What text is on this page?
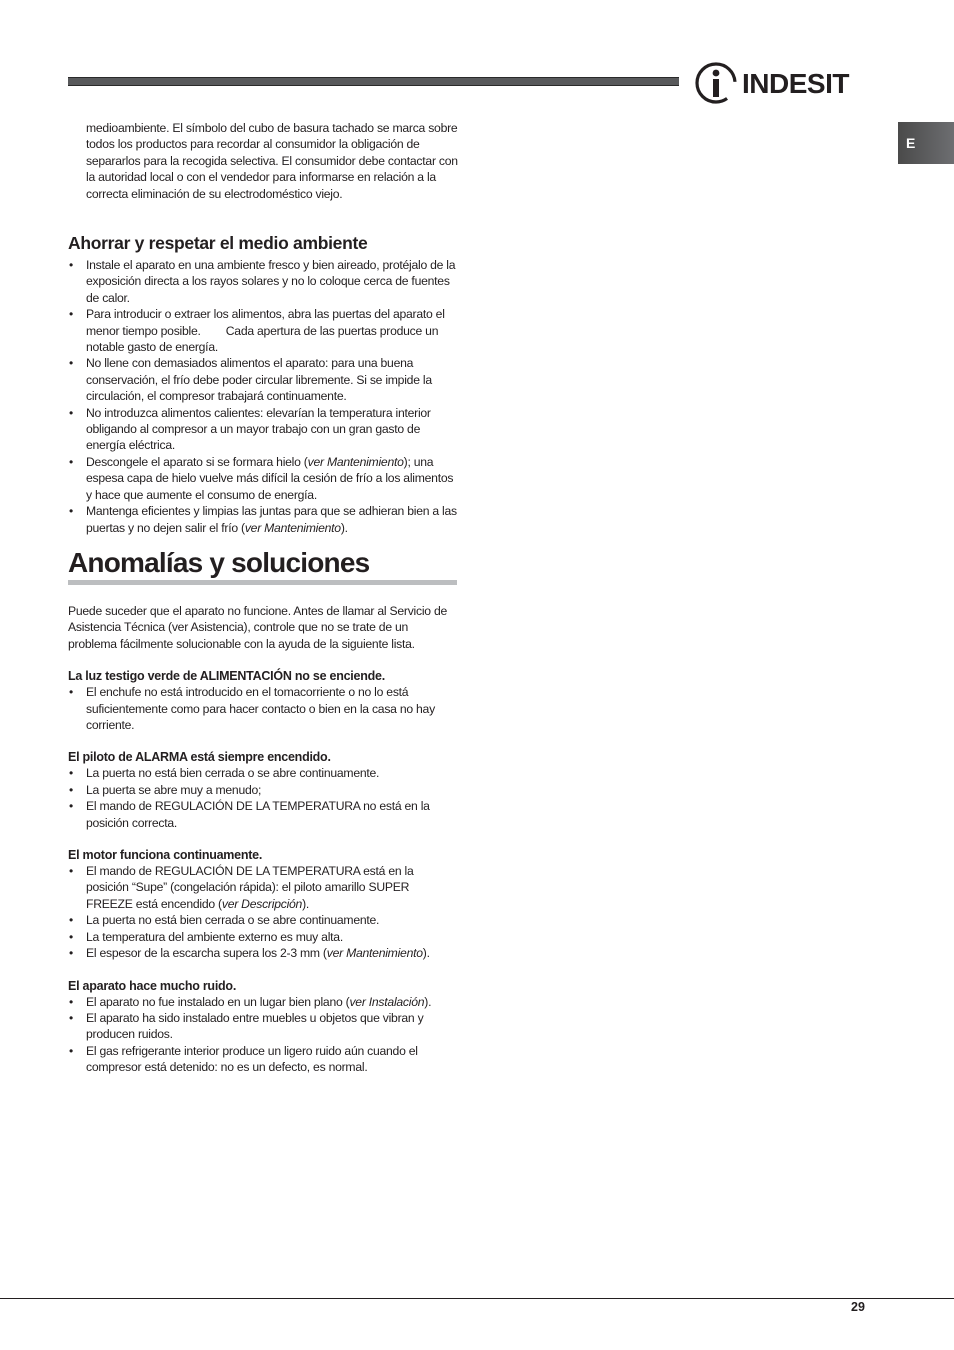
INDESIT
E

medioambiente. El símbolo del cubo de basura tachado se marca sobre todos los productos para recordar al consumidor la obligación de separarlos para la recogida selectiva. El consumidor debe contactar con la autoridad local o con el vendedor para informarse en relación a la correcta eliminación de su electrodoméstico viejo.

Ahorrar y respetar el medio ambiente
• Instale el aparato en una ambiente fresco y bien aireado, protéjalo de la exposición directa a los rayos solares y no lo coloque cerca de fuentes de calor.
• Para introducir o extraer los alimentos, abra las puertas del aparato el menor tiempo posible.        Cada apertura de las puertas produce un notable gasto de energía.
• No llene con demasiados alimentos el aparato: para una buena conservación, el frío debe poder circular libremente. Si se impide la circulación, el compresor trabajará continuamente.
• No introduzca alimentos calientes: elevarían la temperatura interior obligando al compresor a un mayor trabajo con un gran gasto de energía eléctrica.
• Descongele el aparato si se formara hielo (ver Mantenimiento); una espesa capa de hielo vuelve más difícil la cesión de frío a los alimentos y hace que aumente el consumo de energía.
• Mantenga eficientes y limpias las juntas para que se adhieran bien a las puertas y no dejen salir el frío (ver Mantenimiento).
Anomalías y soluciones

Puede suceder que el aparato no funcione. Antes de llamar al Servicio de Asistencia Técnica (ver Asistencia), controle que no se trate de un problema fácilmente solucionable con la ayuda de la siguiente lista.

La luz testigo verde de ALIMENTACIÓN no se enciende.

• El enchufe no está introducido en el tomacorriente o no lo está suficientemente como para hacer contacto o bien en la casa no hay corriente.

El piloto de ALARMA está siempre encendido.

• La puerta no está bien cerrada o se abre continuamente.
• La puerta se abre muy a menudo;
• El mando de REGULACIÓN DE LA TEMPERATURA no está en la posición correcta.

El motor funciona continuamente.

• El mando de REGULACIÓN DE LA TEMPERATURA está en la posición “Supe” (congelación rápida): el piloto amarillo SUPER FREEZE está encendido (ver Descripción).
• La puerta no está bien cerrada o se abre continuamente.
• La temperatura del ambiente externo es muy alta.
• El espesor de la escarcha supera los 2-3 mm (ver Mantenimiento).

El aparato hace mucho ruido.

• El aparato no fue instalado en un lugar bien plano (ver Instalación).
• El aparato ha sido instalado entre muebles u objetos que vibran y producen ruidos.
• El gas refrigerante interior produce un ligero ruido aún cuando el compresor está detenido: no es un defecto, es normal.
29
